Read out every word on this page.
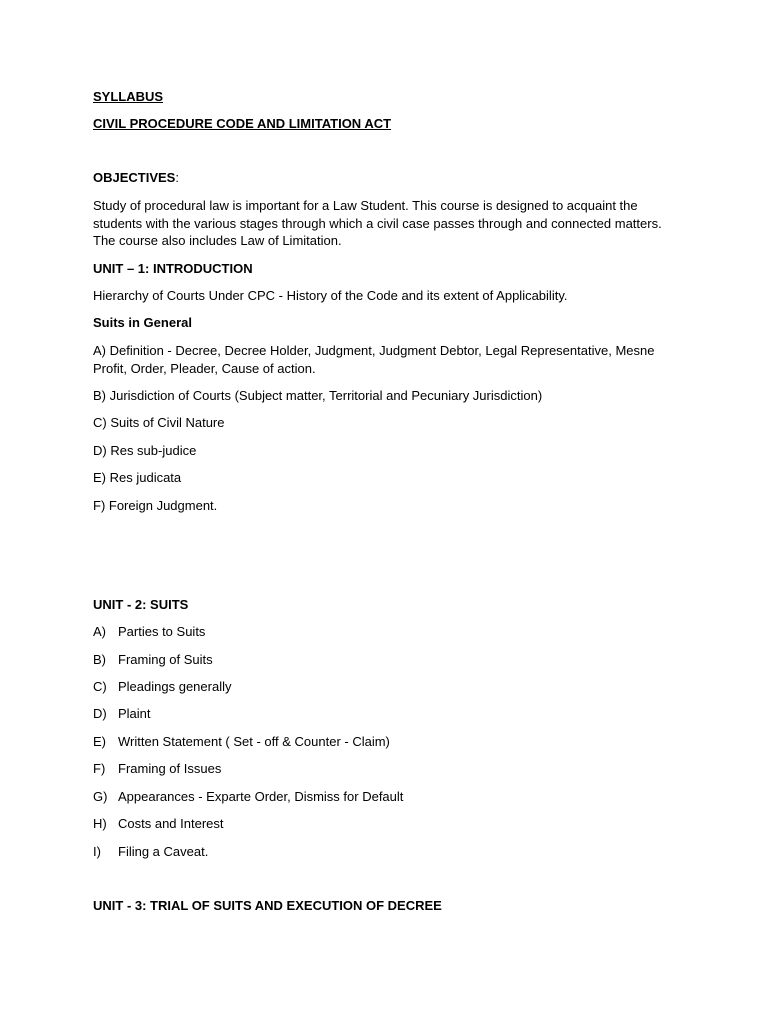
SYLLABUS

CIVIL PROCEDURE CODE AND LIMITATION ACT

OBJECTIVES:

Study of procedural law is important for a Law Student. This course is designed to acquaint the students with the various stages through which a civil case passes through and connected matters. The course also includes Law of Limitation.

UNIT – 1: INTRODUCTION

Hierarchy of Courts Under CPC - History of the Code and its extent of Applicability.

Suits in General

A) Definition - Decree, Decree Holder, Judgment, Judgment Debtor, Legal Representative, Mesne Profit, Order, Pleader, Cause of action.

B) Jurisdiction of Courts (Subject matter, Territorial and Pecuniary Jurisdiction)

C) Suits of Civil Nature

D) Res sub-judice

E) Res judicata

F) Foreign Judgment.

UNIT - 2: SUITS

A) Parties to Suits

B) Framing of Suits

C) Pleadings generally

D) Plaint

E) Written Statement ( Set - off & Counter - Claim)

F) Framing of Issues

G) Appearances - Exparte Order, Dismiss for Default

H) Costs and Interest

I) Filing a Caveat.

UNIT - 3: TRIAL OF SUITS AND EXECUTION OF DECREE
